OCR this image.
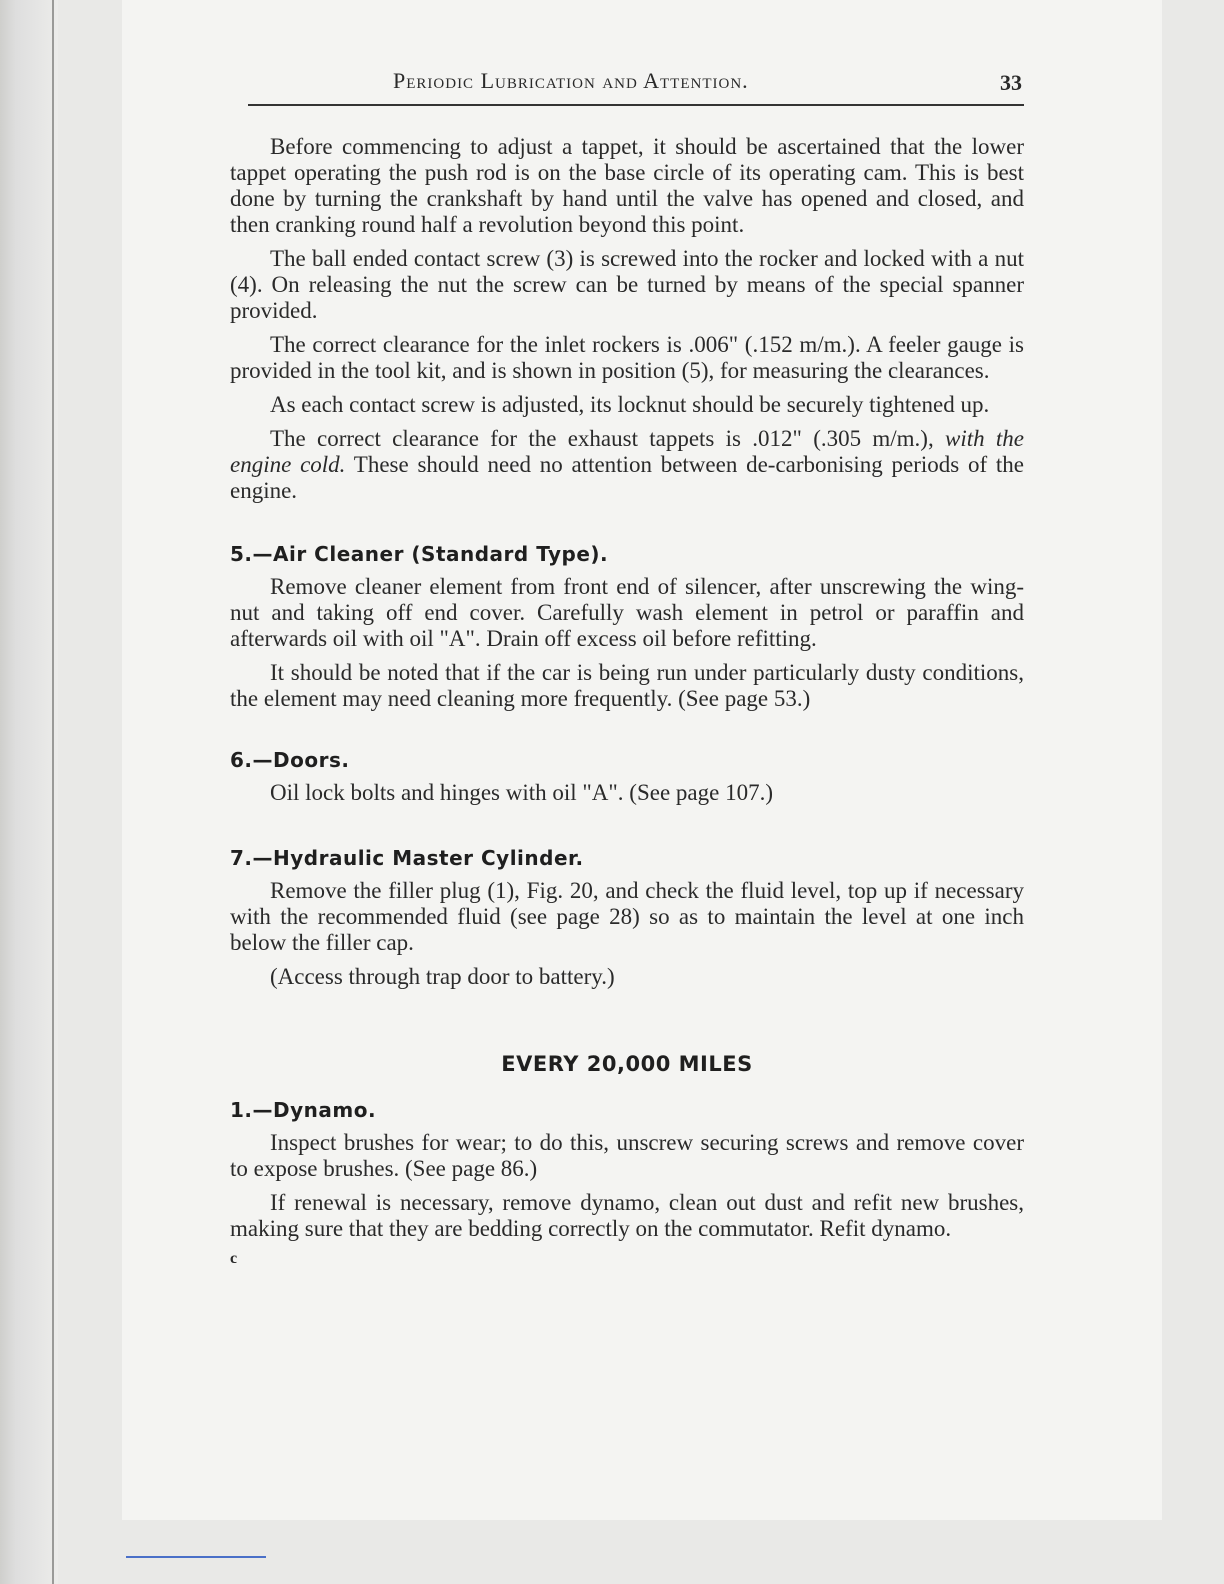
Periodic Lubrication and Attention.	33

Before commencing to adjust a tappet, it should be ascertained that the lower tappet operating the push rod is on the base circle of its operating cam. This is best done by turning the crankshaft by hand until the valve has opened and closed, and then cranking round half a revolution beyond this point.

The ball ended contact screw (3) is screwed into the rocker and locked with a nut (4). On releasing the nut the screw can be turned by means of the special spanner provided.

The correct clearance for the inlet rockers is .006" (.152 m/m.). A feeler gauge is provided in the tool kit, and is shown in position (5), for measuring the clearances.

As each contact screw is adjusted, its locknut should be securely tightened up.

The correct clearance for the exhaust tappets is .012" (.305 m/m.), with the engine cold. These should need no attention between de-carbonising periods of the engine.

5.—Air Cleaner (Standard Type).

Remove cleaner element from front end of silencer, after unscrewing the wing-nut and taking off end cover. Carefully wash element in petrol or paraffin and afterwards oil with oil "A". Drain off excess oil before refitting.

It should be noted that if the car is being run under particularly dusty conditions, the element may need cleaning more frequently. (See page 53.)

6.—Doors.

Oil lock bolts and hinges with oil "A". (See page 107.)

7.—Hydraulic Master Cylinder.

Remove the filler plug (1), Fig. 20, and check the fluid level, top up if necessary with the recommended fluid (see page 28) so as to maintain the level at one inch below the filler cap.

(Access through trap door to battery.)

EVERY 20,000 MILES
1.—Dynamo.

Inspect brushes for wear; to do this, unscrew securing screws and remove cover to expose brushes. (See page 86.)

If renewal is necessary, remove dynamo, clean out dust and refit new brushes, making sure that they are bedding correctly on the commutator. Refit dynamo.

c
